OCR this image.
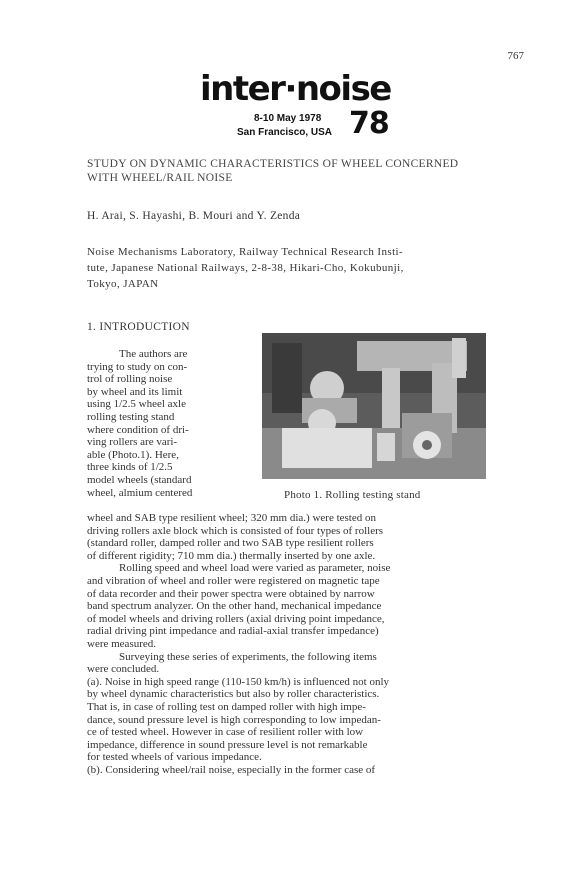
767
inter·noise
8-10 May 1978
San Francisco, USA 78
STUDY ON DYNAMIC CHARACTERISTICS OF WHEEL CONCERNED
WITH WHEEL/RAIL NOISE
H. Arai, S. Hayashi, B. Mouri and Y. Zenda
Noise Mechanisms Laboratory, Railway Technical Research Insti-
tute, Japanese National Railways, 2-8-38, Hikari-Cho, Kokubunji,
Tokyo, JAPAN
1. INTRODUCTION
The authors are
trying to study on con-
trol of rolling noise
by wheel and its limit
using 1/2.5 wheel axle
rolling testing stand
where condition of dri-
ving rollers are vari-
able (Photo.1). Here,
three kinds of 1/2.5
model wheels (standard
wheel, almium centered	Photo 1. Rolling testing stand
wheel and SAB type resilient wheel; 320 mm dia.) were tested on
driving rollers axle block which is consisted of four types of rollers
(standard roller, damped roller and two SAB type resilient rollers
of different rigidity; 710 mm dia.) thermally inserted by one axle.
Rolling speed and wheel load were varied as parameter, noise
and vibration of wheel and roller were registered on magnetic tape
of data recorder and their power spectra were obtained by narrow
band spectrum analyzer. On the other hand, mechanical impedance
of model wheels and driving rollers (axial driving point impedance,
radial driving pint impedance and radial-axial transfer impedance)
were measured.
Surveying these series of experiments, the following items
were concluded.
(a). Noise in high speed range (110-150 km/h) is influenced not only
by wheel dynamic characteristics but also by roller characteristics.
That is, in case of rolling test on damped roller with high impe-
dance, sound pressure level is high corresponding to low impedan-
ce of tested wheel. However in case of resilient roller with low
impedance, difference in sound pressure level is not remarkable
for tested wheels of various impedance.
(b). Considering wheel/rail noise, especially in the former case of
